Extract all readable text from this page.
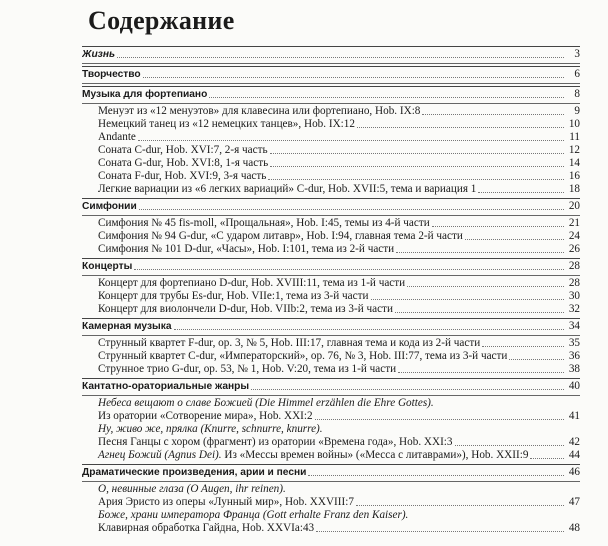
Содержание
Жизнь	3
Творчество	6
Музыка для фортепиано	8
Менуэт из «12 менуэтов» для клавесина или фортепиано, Hob. IX:8	9
Немецкий танец из «12 немецких танцев», Hob. IX:12	10
Andante	11
Соната C-dur, Hob. XVI:7, 2-я часть	12
Соната G-dur, Hob. XVI:8, 1-я часть	14
Соната F-dur, Hob. XVI:9, 3-я часть	16
Легкие вариации из «6 легких вариаций» C-dur, Hob. XVII:5, тема и вариация 1	18
Симфонии	20
Симфония № 45 fis-moll, «Прощальная», Hob. I:45, темы из 4-й части	21
Симфония № 94 G-dur, «С ударом литавр», Hob. I:94, главная тема 2-й части	24
Симфония № 101 D-dur, «Часы», Hob. I:101, тема из 2-й части	26
Концерты	28
Концерт для фортепиано D-dur, Hob. XVIII:11, тема из 1-й части	28
Концерт для трубы Es-dur, Hob. VIIe:1, тема из 3-й части	30
Концерт для виолончели D-dur, Hob. VIIb:2, тема из 3-й части	32
Камерная музыка	34
Струнный квартет F-dur, op. 3, № 5, Hob. III:17, главная тема и кода из 2-й части	35
Струнный квартет C-dur, «Императорский», op. 76, № 3, Hob. III:77, тема из 3-й части	36
Струнное трио G-dur, op. 53, № 1, Hob. V:20, тема из 1-й части	38
Кантатно-ораториальные жанры	40
Небеса вещают о славе Божией (Die Himmel erzählen die Ehre Gottes).
Из оратории «Сотворение мира», Hob. XXI:2	41
Ну, живо же, прялка (Knurre, schnurre, knurre).
Песня Ганцы с хором (фрагмент) из оратории «Времена года», Hob. XXI:3	42
Агнец Божий (Agnus Dei). Из «Мессы времен войны» («Месса с литаврами»), Hob. XXII:9	44
Драматические произведения, арии и песни	46
О, невинные глаза (O Augen, ihr reinen).
Ария Эристо из оперы «Лунный мир», Hob. XXVIII:7	47
Боже, храни императора Франца (Gott erhalte Franz den Kaiser).
Клавирная обработка Гайдна, Hob. XXVIa:43	48
